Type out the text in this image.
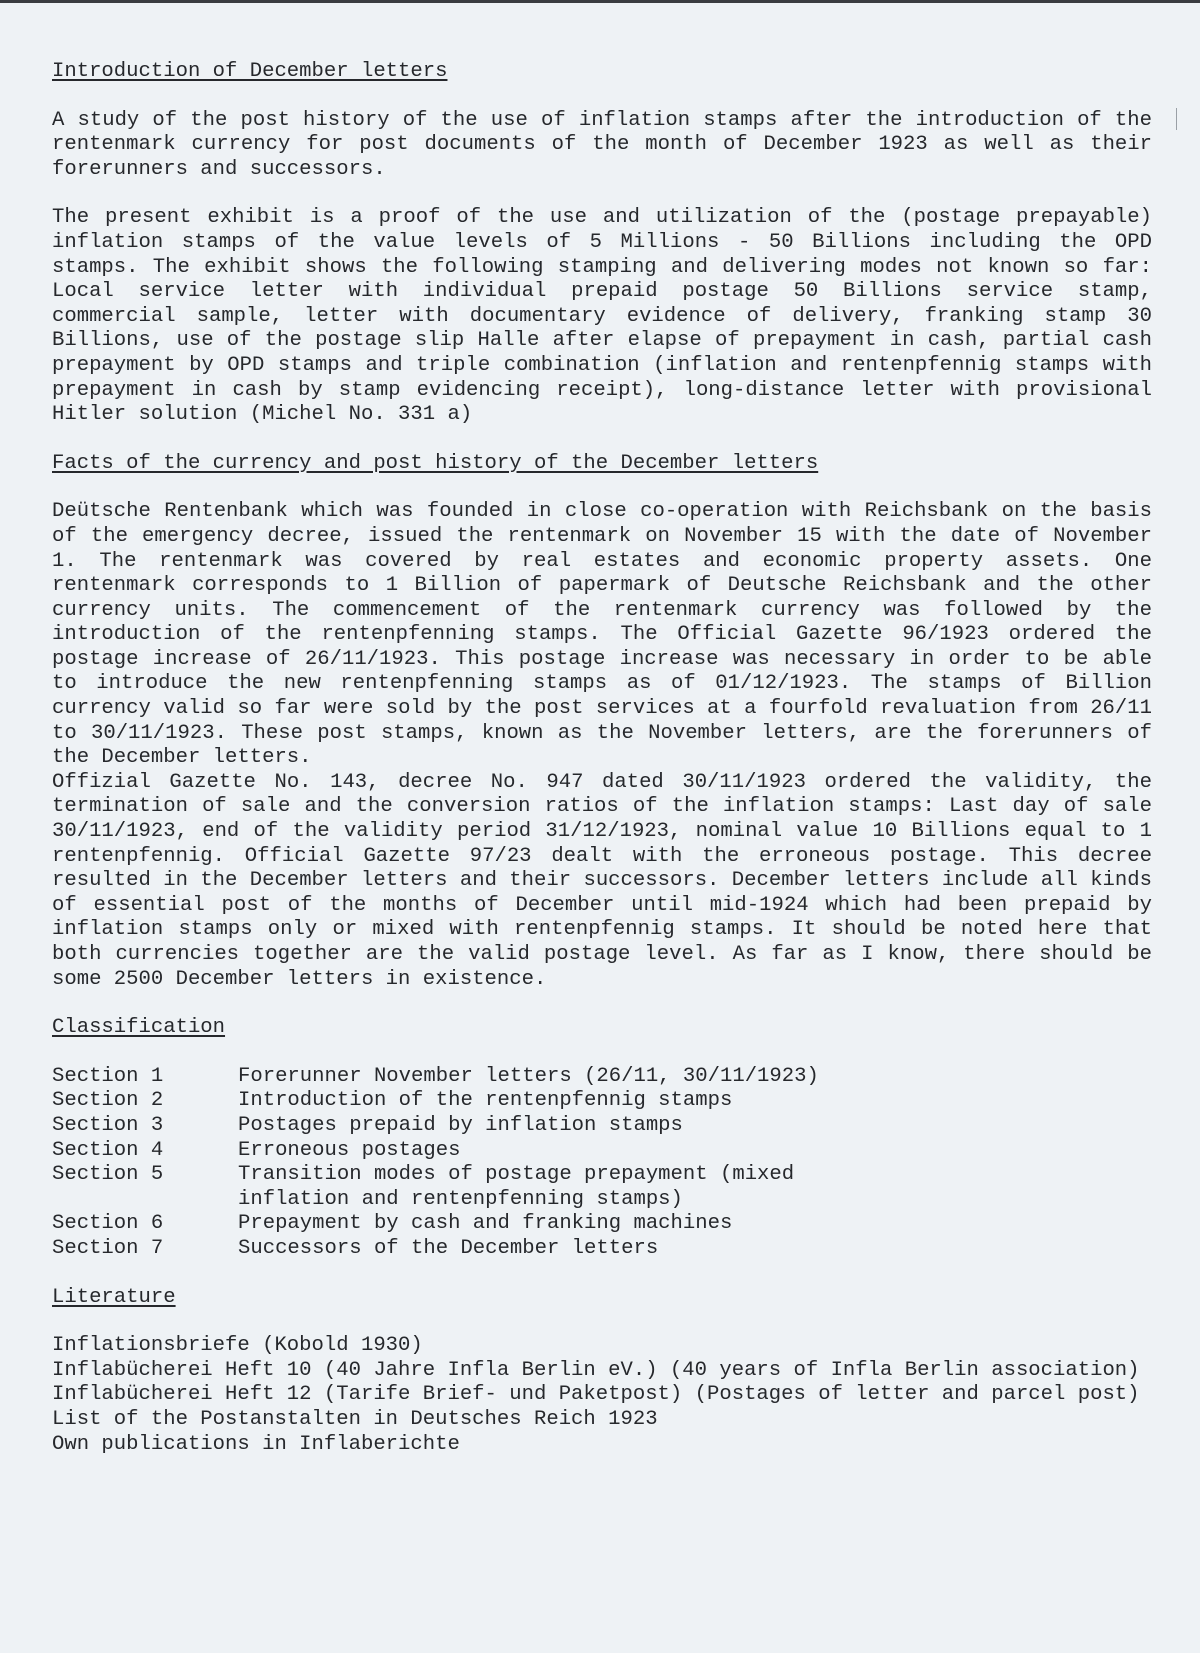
Introduction of December letters

A study of the post history of the use of inflation stamps after the introduction of the rentenmark currency for post documents of the month of December 1923 as well as their forerunners and successors.

The present exhibit is a proof of the use and utilization of the (postage prepayable) inflation stamps of the value levels of 5 Millions - 50 Billions including the OPD stamps. The exhibit shows the following stamping and delivering modes not known so far: Local service letter with individual prepaid postage 50 Billions service stamp, commercial sample, letter with documentary evidence of delivery, franking stamp 30 Billions, use of the postage slip Halle after elapse of prepayment in cash, partial cash prepayment by OPD stamps and triple combination (inflation and rentenpfennig stamps with prepayment in cash by stamp evidencing receipt), long-distance letter with provisional Hitler solution (Michel No. 331 a)

Facts of the currency and post history of the December letters

Deütsche Rentenbank which was founded in close co-operation with Reichsbank on the basis of the emergency decree, issued the rentenmark on November 15 with the date of November 1. The rentenmark was covered by real estates and economic property assets. One rentenmark corresponds to 1 Billion of papermark of Deutsche Reichsbank and the other currency units. The commencement of the rentenmark currency was followed by the introduction of the rentenpfenning stamps. The Official Gazette 96/1923 ordered the postage increase of 26/11/1923. This postage increase was necessary in order to be able to introduce the new rentenpfenning stamps as of 01/12/1923. The stamps of Billion currency valid so far were sold by the post services at a fourfold revaluation from 26/11 to 30/11/1923. These post stamps, known as the November letters, are the forerunners of the December letters.

Offizial Gazette No. 143, decree No. 947 dated 30/11/1923 ordered the validity, the termination of sale and the conversion ratios of the inflation stamps: Last day of sale 30/11/1923, end of the validity period 31/12/1923, nominal value 10 Billions equal to 1 rentenpfennig. Official Gazette 97/23 dealt with the erroneous postage. This decree resulted in the December letters and their successors. December letters include all kinds of essential post of the months of December until mid-1924 which had been prepaid by inflation stamps only or mixed with rentenpfennig stamps. It should be noted here that both currencies together are the valid postage level. As far as I know, there should be some 2500 December letters in existence.

Classification

Section 1	Forerunner November letters (26/11, 30/11/1923)
Section 2	Introduction of the rentenpfennig stamps
Section 3	Postages prepaid by inflation stamps
Section 4	Erroneous postages
Section 5	Transition modes of postage prepayment (mixed
inflation and rentenpfenning stamps)
Section 6	Prepayment by cash and franking machines
Section 7	Successors of the December letters

Literature

Inflationsbriefe (Kobold 1930)

Inflabücherei Heft 10 (40 Jahre Infla Berlin eV.) (40 years of Infla Berlin association)

Inflabücherei Heft 12 (Tarife Brief- und Paketpost) (Postages of letter and parcel post)

List of the Postanstalten in Deutsches Reich 1923

Own publications in Inflaberichte
